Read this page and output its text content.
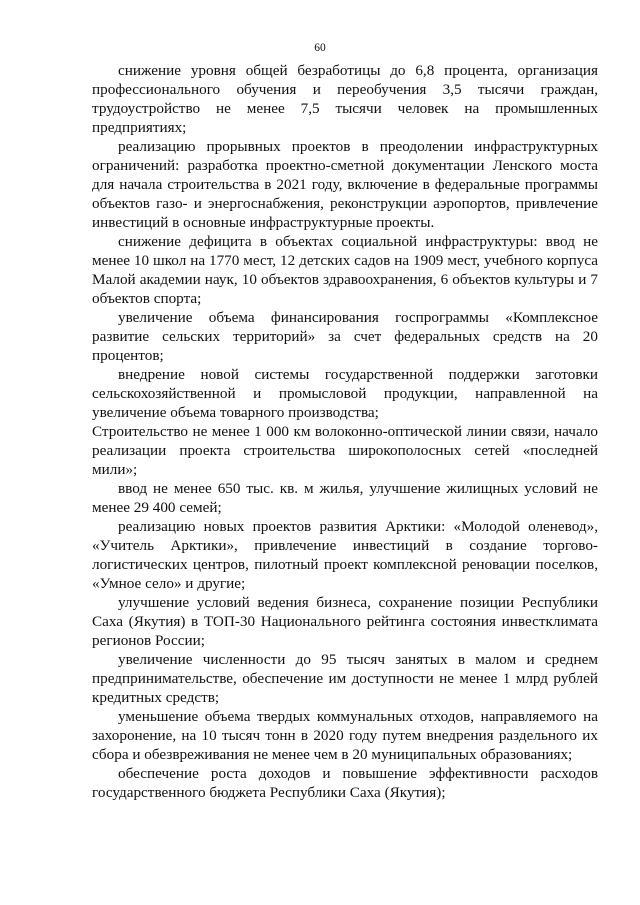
60

снижение уровня общей безработицы до 6,8 процента, организация профессионального обучения и переобучения 3,5 тысячи граждан, трудоустройство не менее 7,5 тысячи человек на промышленных предприятиях;

реализацию прорывных проектов в преодолении инфраструктурных ограничений: разработка проектно-сметной документации Ленского моста для начала строительства в 2021 году, включение в федеральные программы объектов газо- и энергоснабжения, реконструкции аэропортов, привлечение инвестиций в основные инфраструктурные проекты.

снижение дефицита в объектах социальной инфраструктуры: ввод не менее 10 школ на 1770 мест, 12 детских садов на 1909 мест, учебного корпуса Малой академии наук, 10 объектов здравоохранения, 6 объектов культуры и 7 объектов спорта;

увеличение объема финансирования госпрограммы «Комплексное развитие сельских территорий» за счет федеральных средств на 20 процентов;

внедрение новой системы государственной поддержки заготовки сельскохозяйственной и промысловой продукции, направленной на увеличение объема товарного производства;

Строительство не менее 1 000 км волоконно-оптической линии связи, начало реализации проекта строительства широкополосных сетей «последней мили»;

ввод не менее 650 тыс. кв. м жилья, улучшение жилищных условий не менее 29 400 семей;

реализацию новых проектов развития Арктики: «Молодой оленевод», «Учитель Арктики», привлечение инвестиций в создание торгово-логистических центров, пилотный проект комплексной реновации поселков, «Умное село» и другие;

улучшение условий ведения бизнеса, сохранение позиции Республики Саха (Якутия) в ТОП-30 Национального рейтинга состояния инвестклимата регионов России;

увеличение численности до 95 тысяч занятых в малом и среднем предпринимательстве, обеспечение им доступности не менее 1 млрд рублей кредитных средств;

уменьшение объема твердых коммунальных отходов, направляемого на захоронение, на 10 тысяч тонн в 2020 году путем внедрения раздельного их сбора и обезвреживания не менее чем в 20 муниципальных образованиях;

обеспечение роста доходов и повышение эффективности расходов государственного бюджета Республики Саха (Якутия);
